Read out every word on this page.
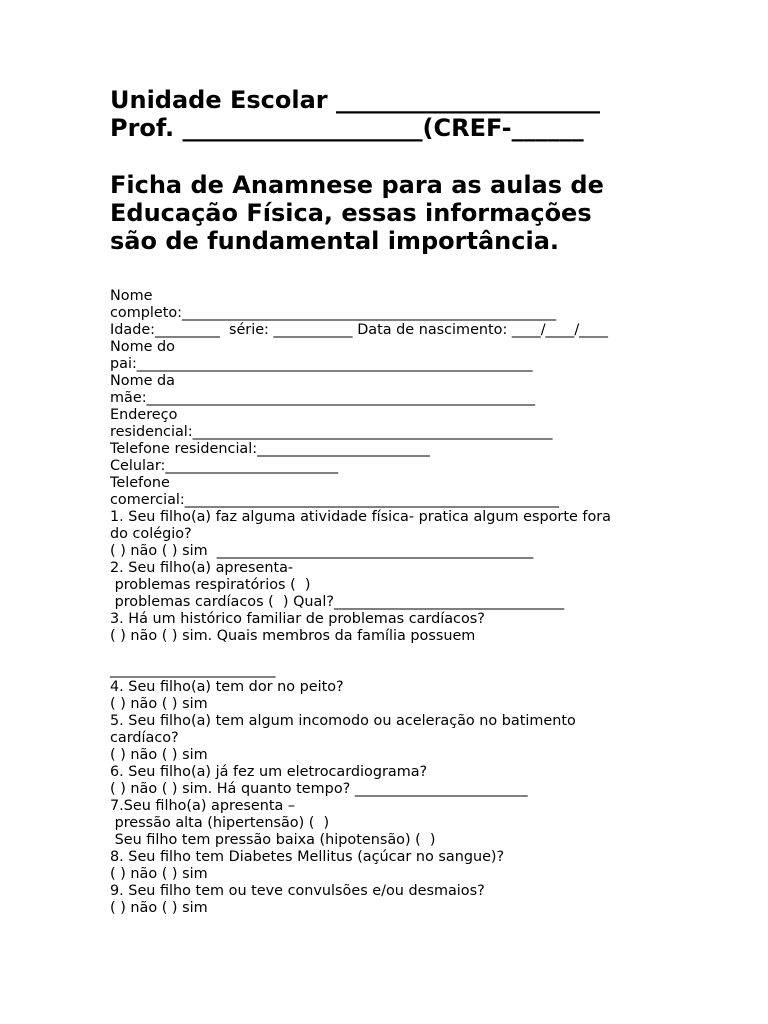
Unidade Escolar ______________________

Prof. ____________________(CREF-______

Ficha de Anamnese para as aulas de

Educação Física, essas informações

são de fundamental importância.

Nome

completo:____________________________________________________

Idade:_________  série: ___________ Data de nascimento: ____/____/____

Nome do

pai:_______________________________________________________

Nome da

mãe:______________________________________________________

Endereço

residencial:__________________________________________________

Telefone residencial:________________________

Celular:________________________

Telefone

comercial:____________________________________________________

1. Seu filho(a) faz alguma atividade física- pratica algum esporte fora

do colégio?

( ) não ( ) sim  ____________________________________________

2. Seu filho(a) apresenta-

problemas respiratórios (  )

problemas cardíacos (  ) Qual?________________________________

3. Há um histórico familiar de problemas cardíacos?

( ) não ( ) sim. Quais membros da família possuem

_______________________

4. Seu filho(a) tem dor no peito?

( ) não ( ) sim

5. Seu filho(a) tem algum incomodo ou aceleração no batimento

cardíaco?

( ) não ( ) sim

6. Seu filho(a) já fez um eletrocardiograma?

( ) não ( ) sim. Há quanto tempo? ________________________

7.Seu filho(a) apresenta –

pressão alta (hipertensão) (  )

Seu filho tem pressão baixa (hipotensão) (  )

8. Seu filho tem Diabetes Mellitus (açúcar no sangue)?

( ) não ( ) sim

9. Seu filho tem ou teve convulsões e/ou desmaios?

( ) não ( ) sim
